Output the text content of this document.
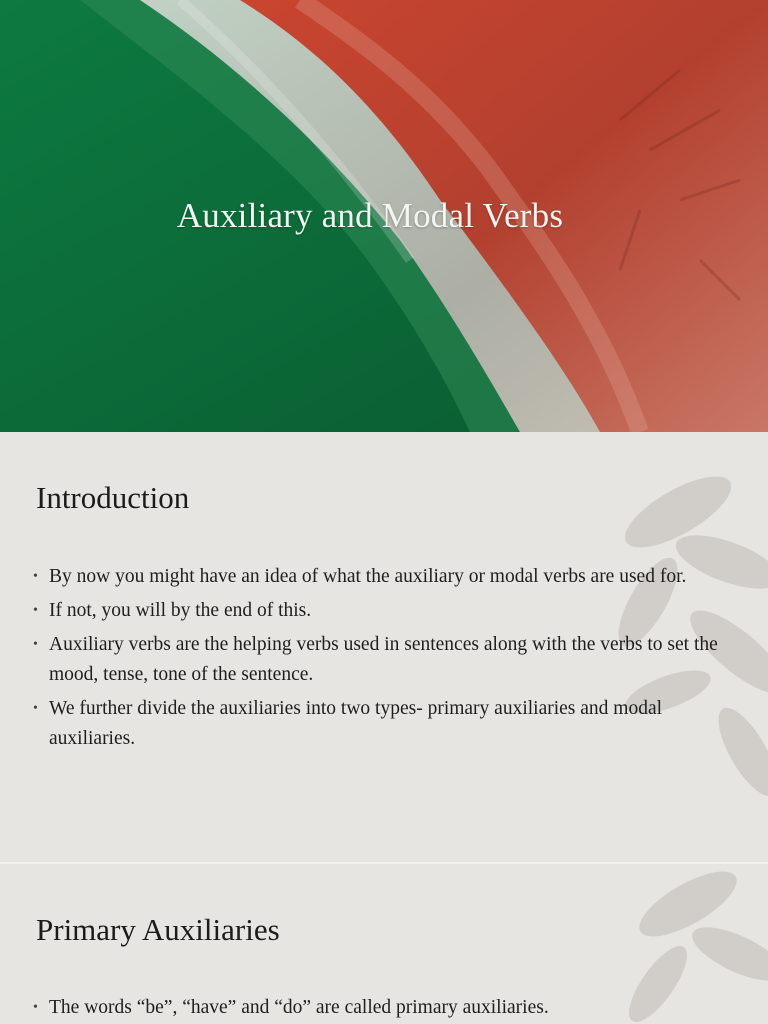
Auxiliary and Modal Verbs
Introduction
• By now you might have an idea of what the auxiliary or modal verbs are used for.
• If not, you will by the end of this.
• Auxiliary verbs are the helping verbs used in sentences along with the verbs to set the mood, tense, tone of the sentence.
• We further divide the auxiliaries into two types- primary auxiliaries and modal auxiliaries.
Primary Auxiliaries
• The words “be”, “have” and “do” are called primary auxiliaries.
